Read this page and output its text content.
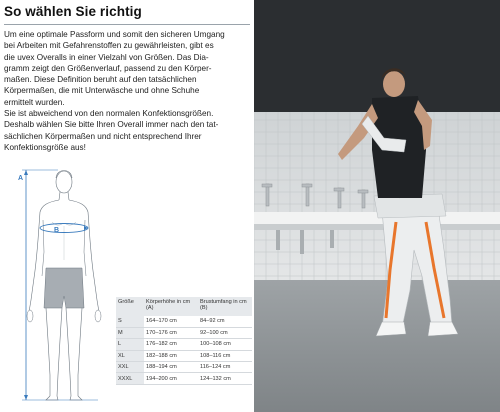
So wählen Sie richtig

Um eine optimale Passform und somit den sicheren Umgang

bei Arbeiten mit Gefahrenstoffen zu gewährleisten, gibt es

die uvex Overalls in einer Vielzahl von Größen. Das Dia-

gramm zeigt den Größenverlauf, passend zu den Körper-

maßen. Diese Definition beruht auf den tatsächlichen

Körpermaßen, die mit Unterwäsche und ohne Schuhe

ermittelt wurden.

Sie ist abweichend von den normalen Konfektionsgrößen.

Deshalb wählen Sie bitte Ihren Overall immer nach den tat-

sächlichen Körpermaßen und nicht entsprechend Ihrer

Konfektionsgröße aus!

A
B
Größe	Körperhöhe in cm (A)	Brustumfang in cm (B)
S	164–170 cm	84–92 cm
M	170–176 cm	92–100 cm
L	176–182 cm	100–108 cm
XL	182–188 cm	108–116 cm
XXL	188–194 cm	116–124 cm
XXXL	194–200 cm	124–132 cm
